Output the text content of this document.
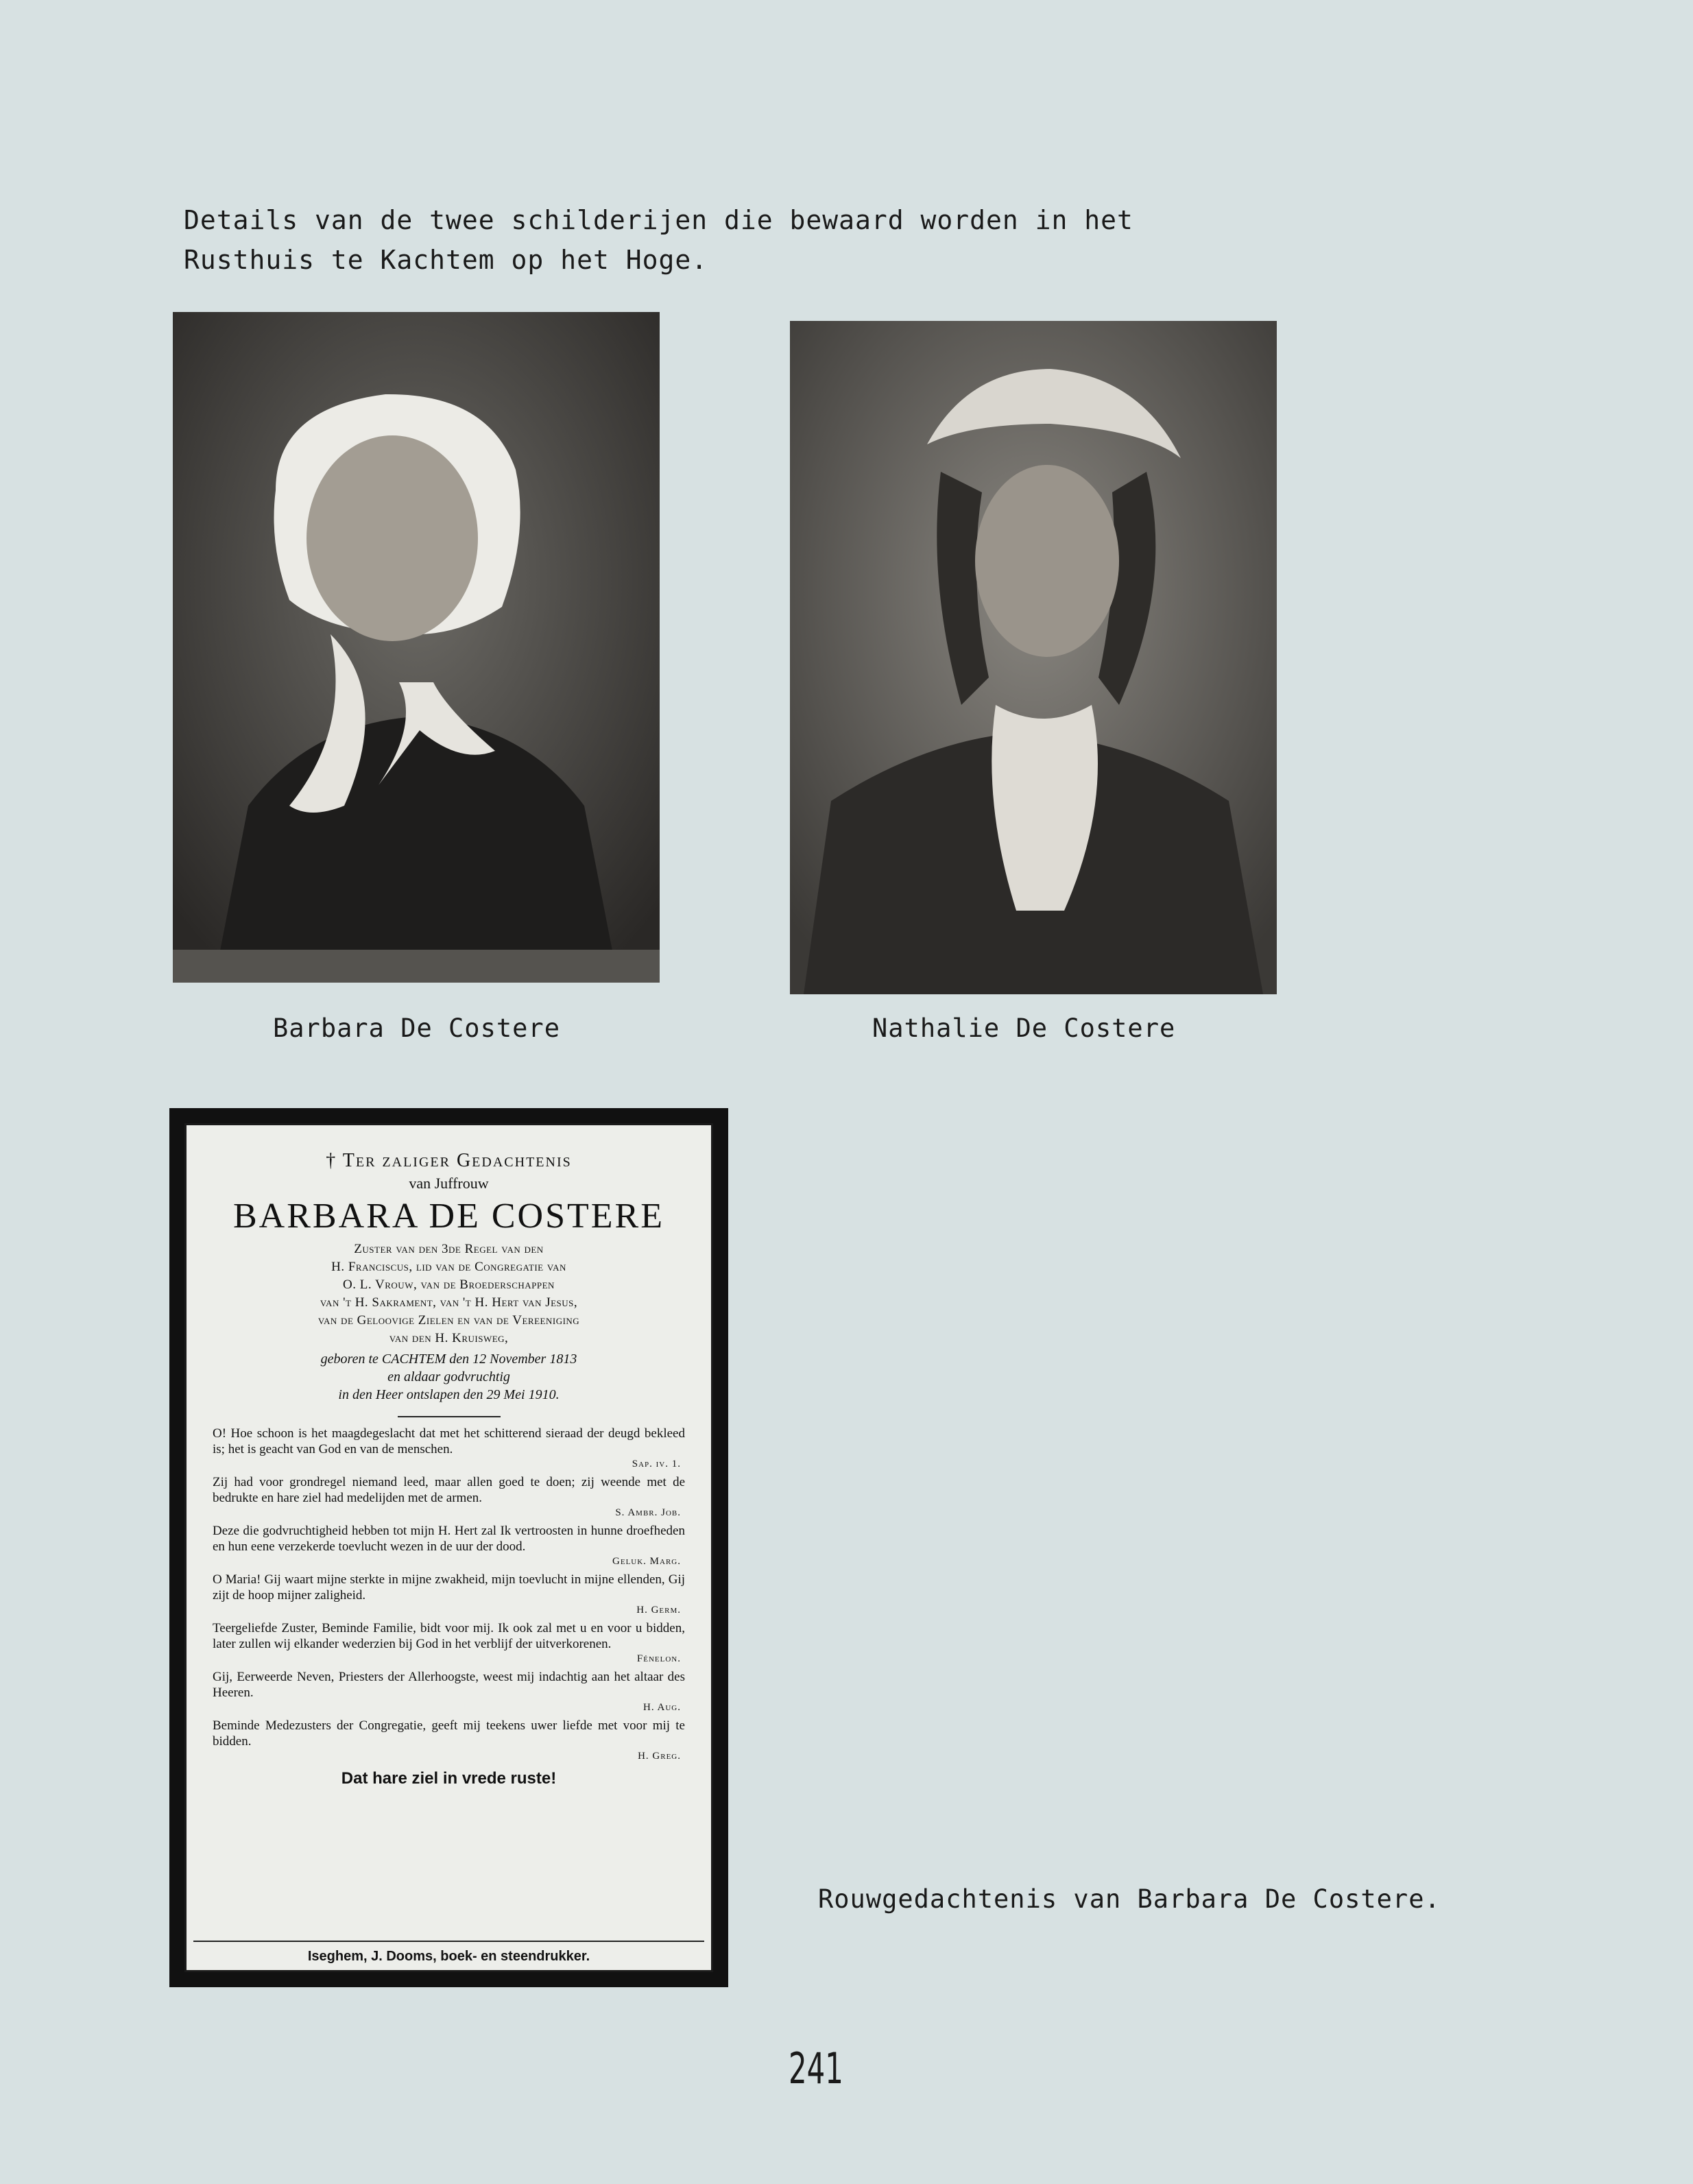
Details van de twee schilderijen die bewaard worden in het
Rusthuis te Kachtem op het Hoge.
Barbara De Costere	Nathalie De Costere
† Ter zaliger Gedachtenis
van Juffrouw
BARBARA DE COSTERE
Zuster van den 3de Regel van den
H. Franciscus, lid van de Congregatie van
O. L. Vrouw, van de Broederschappen
van 't H. Sakrament, van 't H. Hert van Jesus,
van de Geloovige Zielen en van de Vereeniging
van den H. Kruisweg,
geboren te CACHTEM den 12 November 1813
en aldaar godvruchtig
in den Heer ontslapen den 29 Mei 1910.

O! Hoe schoon is het maagdegeslacht dat met het schitterend sieraad der deugd bekleed is; het is geacht van God en van de menschen.

Sap. iv. 1.

Zij had voor grondregel niemand leed, maar allen goed te doen; zij weende met de bedrukte en hare ziel had medelijden met de armen.

S. Ambr. Job.

Deze die godvruchtigheid hebben tot mijn H. Hert zal Ik vertroosten in hunne droefheden en hun eene verzekerde toevlucht wezen in de uur der dood.

Geluk. Marg.

O Maria! Gij waart mijne sterkte in mijne zwakheid, mijn toevlucht in mijne ellenden, Gij zijt de hoop mijner zaligheid.

H. Germ.

Teergeliefde Zuster, Beminde Familie, bidt voor mij. Ik ook zal met u en voor u bidden, later zullen wij elkander wederzien bij God in het verblijf der uitverkorenen.

Fénelon.

Gij, Eerweerde Neven, Priesters der Allerhoogste, weest mij indachtig aan het altaar des Heeren.

H. Aug.

Beminde Medezusters der Congregatie, geeft mij teekens uwer liefde met voor mij te bidden.

H. Greg.
Dat hare ziel in vrede ruste!
Iseghem, J. Dooms, boek- en steendrukker.
Rouwgedachtenis van Barbara De Costere.
241
